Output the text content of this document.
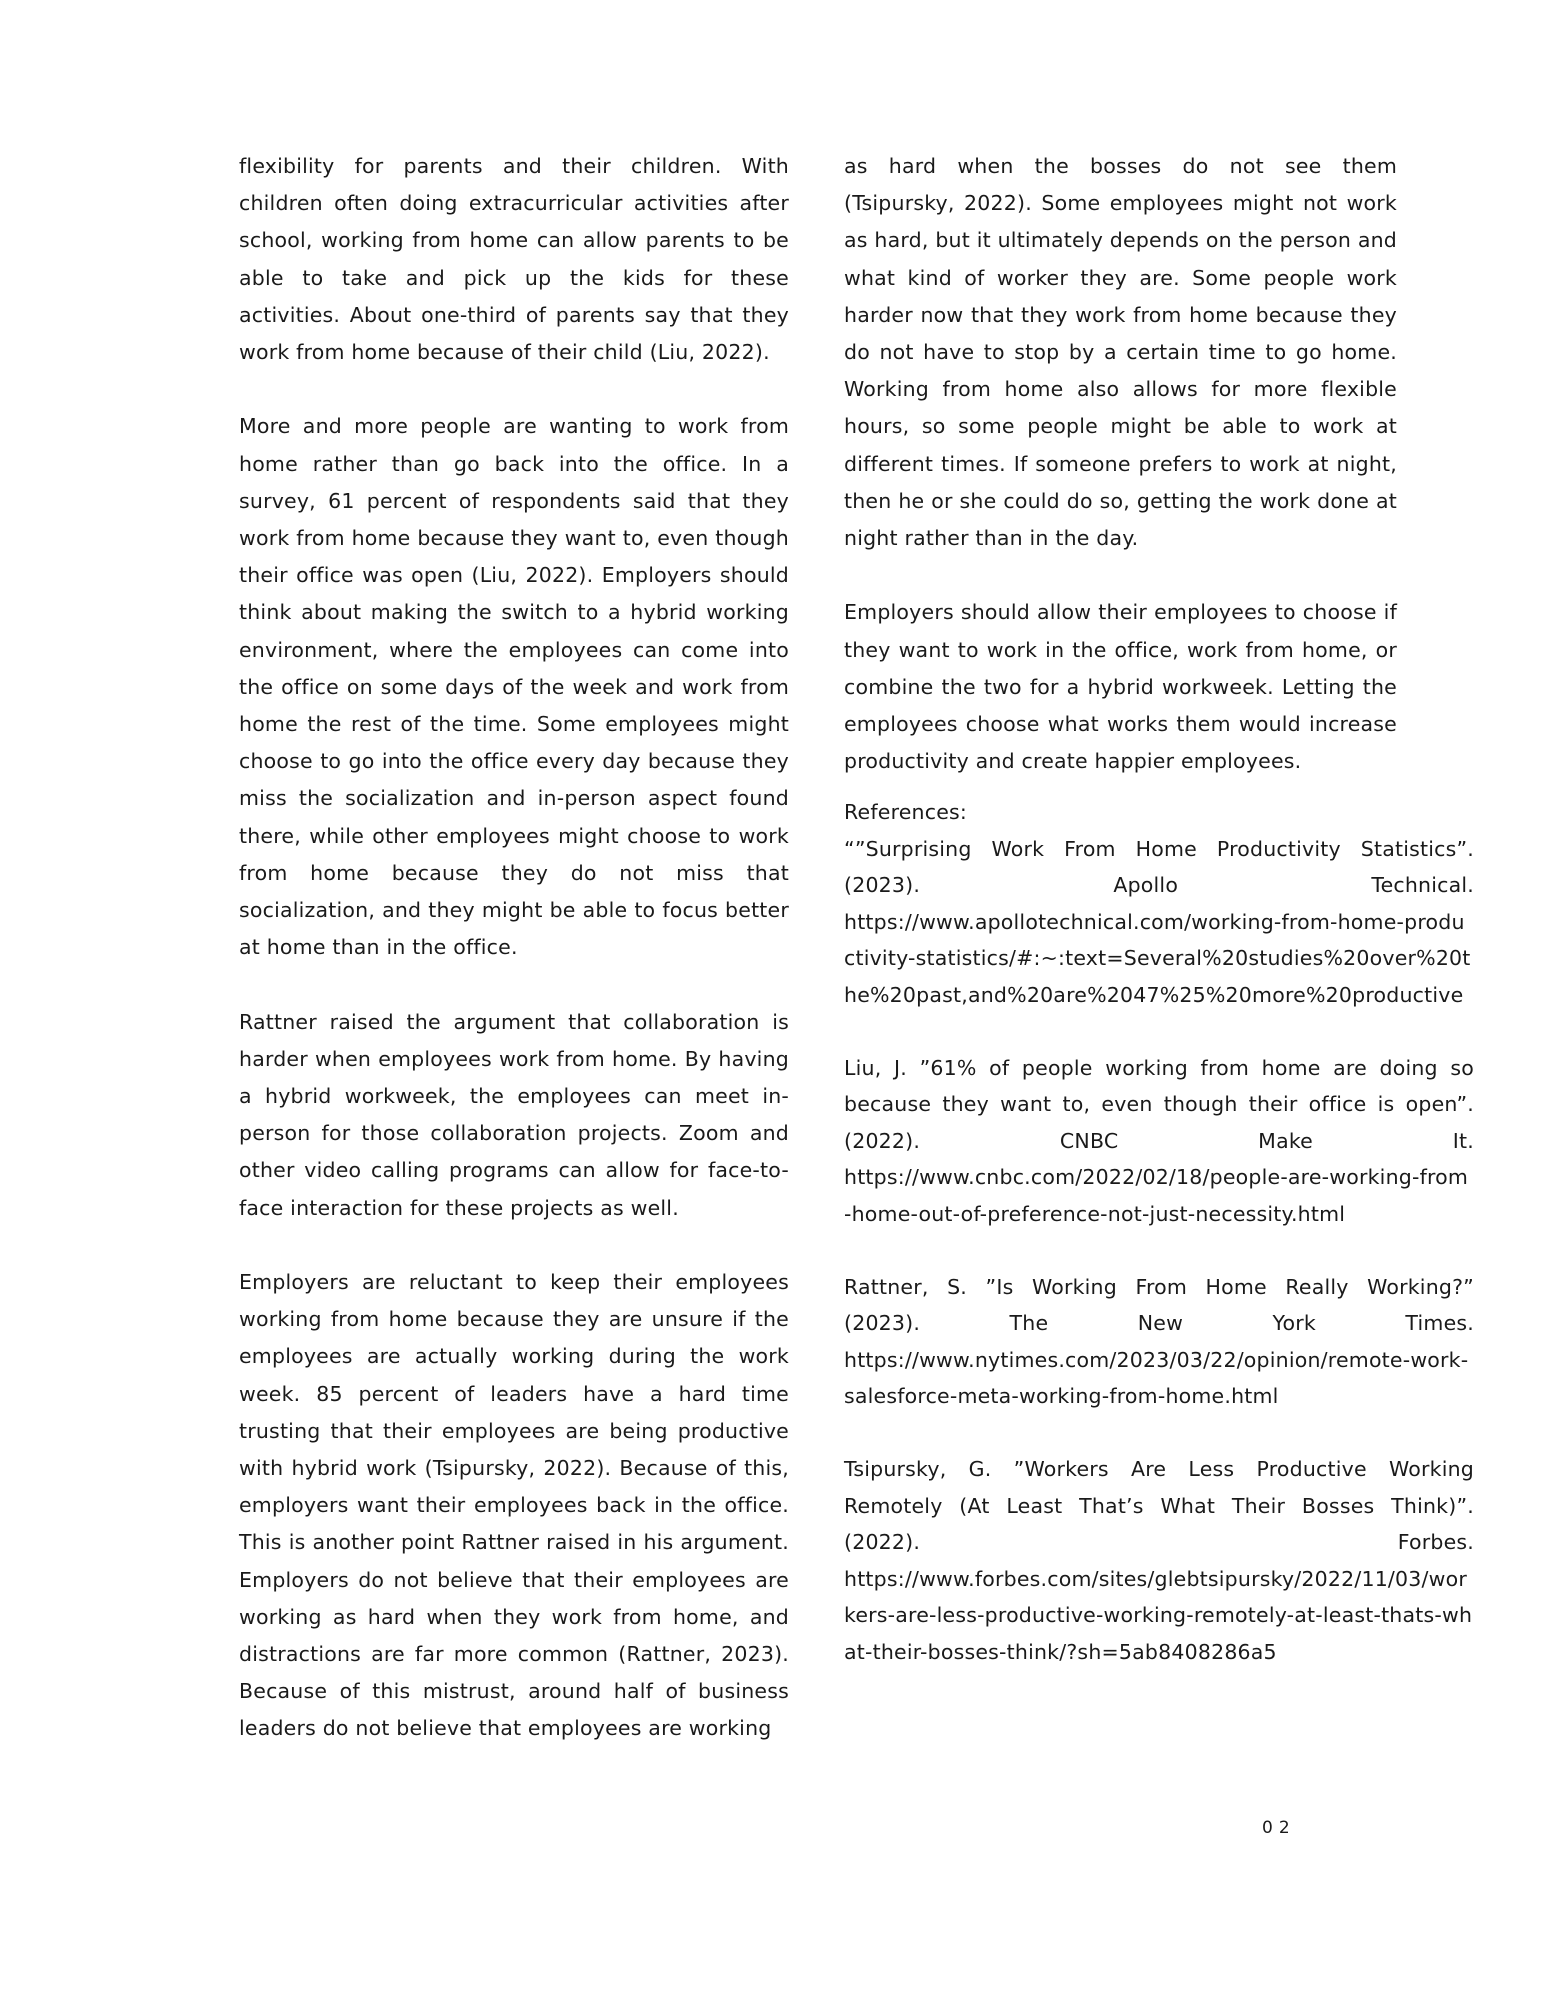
flexibility for parents and their children. With children often doing extracurricular activities after school, working from home can allow parents to be able to take and pick up the kids for these activities. About one-third of parents say that they work from home because of their child (Liu, 2022).

More and more people are wanting to work from home rather than go back into the office. In a survey, 61 percent of respondents said that they work from home because they want to, even though their office was open (Liu, 2022). Employers should think about making the switch to a hybrid working environment, where the employees can come into the office on some days of the week and work from home the rest of the time. Some employees might choose to go into the office every day because they miss the socialization and in-person aspect found there, while other employees might choose to work from home because they do not miss that socialization, and they might be able to focus better at home than in the office.

Rattner raised the argument that collaboration is harder when employees work from home. By having a hybrid workweek, the employees can meet in-person for those collaboration projects. Zoom and other video calling programs can allow for face-to-face interaction for these projects as well.

Employers are reluctant to keep their employees working from home because they are unsure if the employees are actually working during the work week. 85 percent of leaders have a hard time trusting that their employees are being productive with hybrid work (Tsipursky, 2022). Because of this, employers want their employees back in the office. This is another point Rattner raised in his argument. Employers do not believe that their employees are working as hard when they work from home, and distractions are far more common (Rattner, 2023). Because of this mistrust, around half of business leaders do not believe that employees are working

as hard when the bosses do not see them (Tsipursky, 2022). Some employees might not work as hard, but it ultimately depends on the person and what kind of worker they are. Some people work harder now that they work from home because they do not have to stop by a certain time to go home. Working from home also allows for more flexible hours, so some people might be able to work at different times. If someone prefers to work at night, then he or she could do so, getting the work done at night rather than in the day.

Employers should allow their employees to choose if they want to work in the office, work from home, or combine the two for a hybrid workweek. Letting the employees choose what works them would increase productivity and create happier employees.

References:
“”Surprising Work From Home Productivity Statistics”. (2023). Apollo Technical.
https://www.apollotechnical.com/working-from-home-productivity-statistics/#:~:text=Several%20studies%20over%20the%20past,and%20are%2047%25%20more%20productive
Liu, J. ”61% of people working from home are doing so because they want to, even though their office is open”. (2022). CNBC Make It.
https://www.cnbc.com/2022/02/18/people-are-working-from-home-out-of-preference-not-just-necessity.html
Rattner, S. ”Is Working From Home Really Working?” (2023). The New York Times.
https://www.nytimes.com/2023/03/22/opinion/remote-work-salesforce-meta-working-from-home.html
Tsipursky, G. ”Workers Are Less Productive Working Remotely (At Least That’s What Their Bosses Think)”. (2022). Forbes.
https://www.forbes.com/sites/glebtsipursky/2022/11/03/workers-are-less-productive-working-remotely-at-least-thats-what-their-bosses-think/?sh=5ab8408286a5
02
